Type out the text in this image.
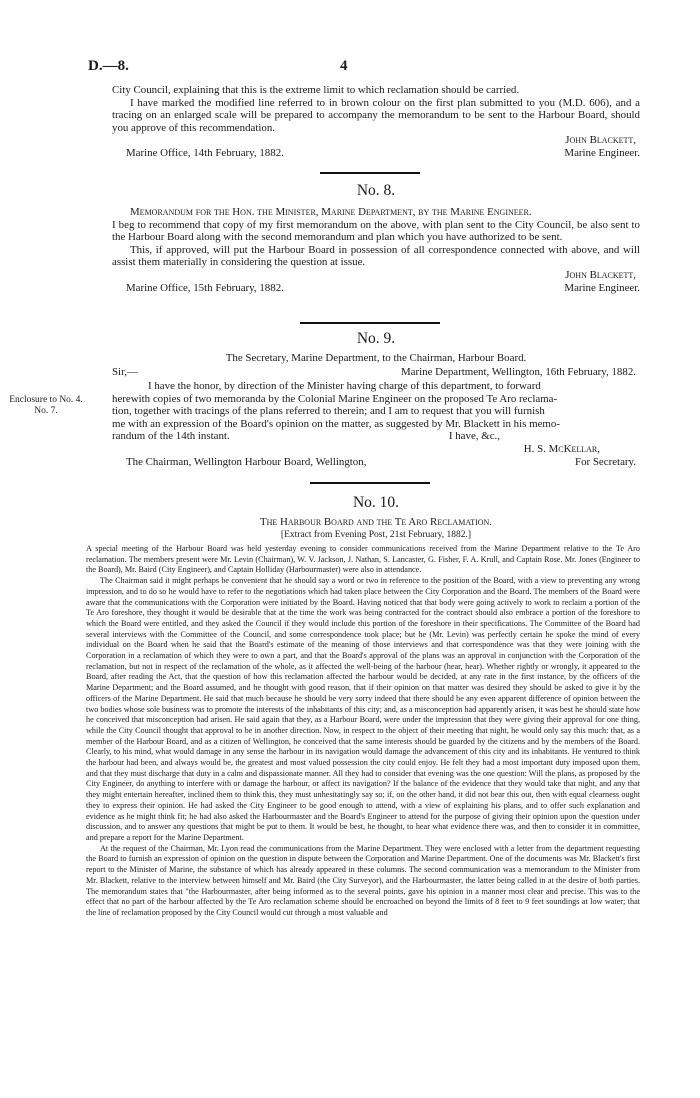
D.—8.	4

City Council, explaining that this is the extreme limit to which reclamation should be carried.

I have marked the modified line referred to in brown colour on the first plan submitted to you (M.D. 606), and a tracing on an enlarged scale will be prepared to accompany the memorandum to be sent to the Harbour Board, should you approve of this recommendation.

John Blackett,
Marine Office, 14th February, 1882.	Marine Engineer.
No. 8.

Memorandum for the Hon. the Minister, Marine Department, by the Marine Engineer.

I beg to recommend that copy of my first memorandum on the above, with plan sent to the City Council, be also sent to the Harbour Board along with the second memorandum and plan which you have authorized to be sent.

This, if approved, will put the Harbour Board in possession of all correspondence connected with above, and will assist them materially in considering the question at issue.

John Blackett,
Marine Office, 15th February, 1882.	Marine Engineer.
No. 9.
The Secretary, Marine Department, to the Chairman, Harbour Board.
Sir,—	Marine Department, Wellington, 16th February, 1882.
Enclosure to No. 4.
No. 7.
I have the honor, by direction of the Minister having charge of this department, to forward
herewith copies of two memoranda by the Colonial Marine Engineer on the proposed Te Aro reclama-
tion, together with tracings of the plans referred to therein; and I am to request that you will furnish
me with an expression of the Board's opinion on the matter, as suggested by Mr. Blackett in his memo-
randum of the 14th instant.	I have, &c.,
H. S. McKellar,
The Chairman, Wellington Harbour Board, Wellington,	For Secretary.
No. 10.
The Harbour Board and the Te Aro Reclamation.
[Extract from Evening Post, 21st February, 1882.]

A special meeting of the Harbour Board was held yesterday evening to consider communications received from the Marine Department relative to the Te Aro reclamation. The members present were Mr. Levin (Chairman), W. V. Jackson, J. Nathan, S. Lancaster, G. Fisher, F. A. Krull, and Captain Rose. Mr. Jones (Engineer to the Board), Mr. Baird (City Engineer), and Captain Holliday (Harbourmaster) were also in attendance.

The Chairman said it might perhaps be convenient that he should say a word or two in reference to the position of the Board, with a view to preventing any wrong impression, and to do so he would have to refer to the negotiations which had taken place between the City Corporation and the Board. The members of the Board were aware that the communications with the Corporation were initiated by the Board. Having noticed that that body were going actively to work to reclaim a portion of the Te Aro foreshore, they thought it would be desirable that at the time the work was being contracted for the contract should also embrace a portion of the foreshore to which the Board were entitled, and they asked the Council if they would include this portion of the foreshore in their specifications. The Committee of the Board had several interviews with the Committee of the Council, and some correspondence took place; but he (Mr. Levin) was perfectly certain he spoke the mind of every individual on the Board when he said that the Board's estimate of the meaning of those interviews and that correspondence was that they were joining with the Corporation in a reclamation of which they were to own a part, and that the Board's approval of the plans was an approval in conjunction with the Corporation of the reclamation, but not in respect of the reclamation of the whole, as it affected the well-being of the harbour (hear, hear). Whether rightly or wrongly, it appeared to the Board, after reading the Act, that the question of how this reclamation affected the harbour would be decided, at any rate in the first instance, by the officers of the Marine Department; and the Board assumed, and he thought with good reason, that if their opinion on that matter was desired they should be asked to give it by the officers of the Marine Department. He said that much because he should be very sorry indeed that there should be any even apparent difference of opinion between the two bodies whose sole business was to promote the interests of the inhabitants of this city; and, as a misconception had apparently arisen, it was best he should state how he conceived that misconception had arisen. He said again that they, as a Harbour Board, were under the impression that they were giving their approval for one thing, while the City Council thought that approval to be in another direction. Now, in respect to the object of their meeting that night, he would only say this much: that, as a member of the Harbour Board, and as a citizen of Wellington, he conceived that the same interests should be guarded by the citizens and by the members of the Board. Clearly, to his mind, what would damage in any sense the harbour in its navigation would damage the advancement of this city and its inhabitants. He ventured to think the harbour had been, and always would be, the greatest and most valued possession the city could enjoy. He felt they had a most important duty imposed upon them, and that they must discharge that duty in a calm and dispassionate manner. All they had to consider that evening was the one question: Will the plans, as proposed by the City Engineer, do anything to interfere with or damage the harbour, or affect its navigation? If the balance of the evidence that they would take that night, and any that they might entertain hereafter, inclined them to think this, they must unhesitatingly say so; if, on the other hand, it did not bear this out, then with equal clearness ought they to express their opinion. He had asked the City Engineer to be good enough to attend, with a view of explaining his plans, and to offer such explanation and evidence as he might think fit; he had also asked the Harbourmaster and the Board's Engineer to attend for the purpose of giving their opinion upon the question under discussion, and to answer any questions that might be put to them. It would be best, he thought, to hear what evidence there was, and then to consider it in committee, and prepare a report for the Marine Department.

At the request of the Chairman, Mr. Lyon read the communications from the Marine Department. They were enclosed with a letter from the department requesting the Board to furnish an expression of opinion on the question in dispute between the Corporation and Marine Department. One of the documents was Mr. Blackett's first report to the Minister of Marine, the substance of which has already appeared in these columns. The second communication was a memorandum to the Minister from Mr. Blackett, relative to the interview between himself and Mr. Baird (the City Surveyor), and the Harbourmaster, the latter being called in at the desire of both parties. The memorandum states that "the Harbourmaster, after being informed as to the several points, gave his opinion in a manner most clear and precise. This was to the effect that no part of the harbour affected by the Te Aro reclamation scheme should be encroached on beyond the limits of 8 feet to 9 feet soundings at low water; that the line of reclamation proposed by the City Council would cut through a most valuable and
